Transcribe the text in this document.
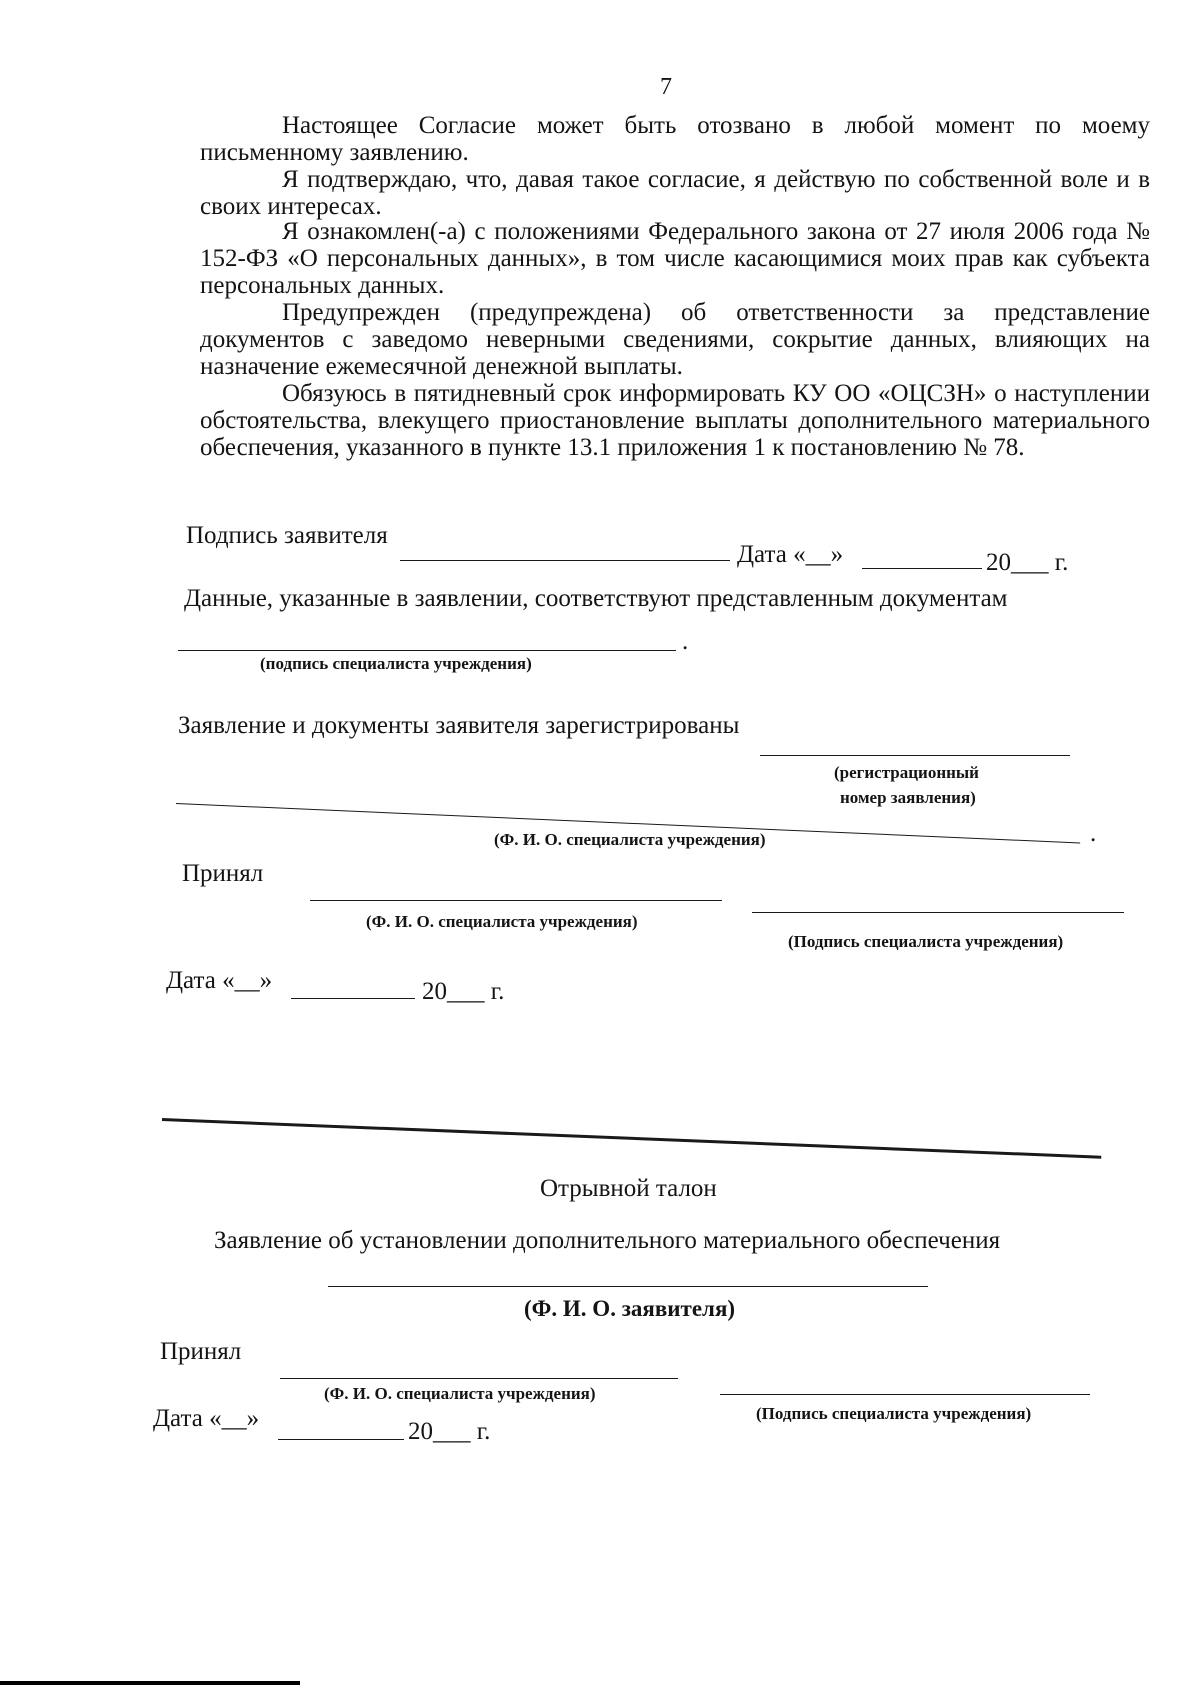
7
Настоящее Согласие может быть отозвано в любой момент по моему письменному заявлению.
Я подтверждаю, что, давая такое согласие, я действую по собственной воле и в своих интересах.
Я ознакомлен(-а) с положениями Федерального закона от 27 июля 2006 года № 152-ФЗ «О персональных данных», в том числе касающимися моих прав как субъекта персональных данных.
Предупрежден (предупреждена) об ответственности за представление документов с заведомо неверными сведениями, сокрытие данных, влияющих на назначение ежемесячной денежной выплаты.
Обязуюсь в пятидневный срок информировать КУ ОО «ОЦСЗН» о наступлении обстоятельства, влекущего приостановление выплаты дополнительного материального обеспечения, указанного в пункте 13.1 приложения 1 к постановлению № 78.
Подпись заявителя
Дата «__»	20___ г.
Данные, указанные в заявлении, соответствуют представленным документам
.
(подпись специалиста учреждения)
Заявление и документы заявителя зарегистрированы
(регистрационный
номер заявления)
.
(Ф. И. О. специалиста учреждения)
Принял
(Ф. И. О. специалиста учреждения)
(Подпись специалиста учреждения)
Дата «__»	20___ г.
Отрывной талон
Заявление об установлении дополнительного материального обеспечения
(Ф. И. О. заявителя)
Принял
(Ф. И. О. специалиста учреждения)
(Подпись специалиста учреждения)
Дата «__»	20___ г.
